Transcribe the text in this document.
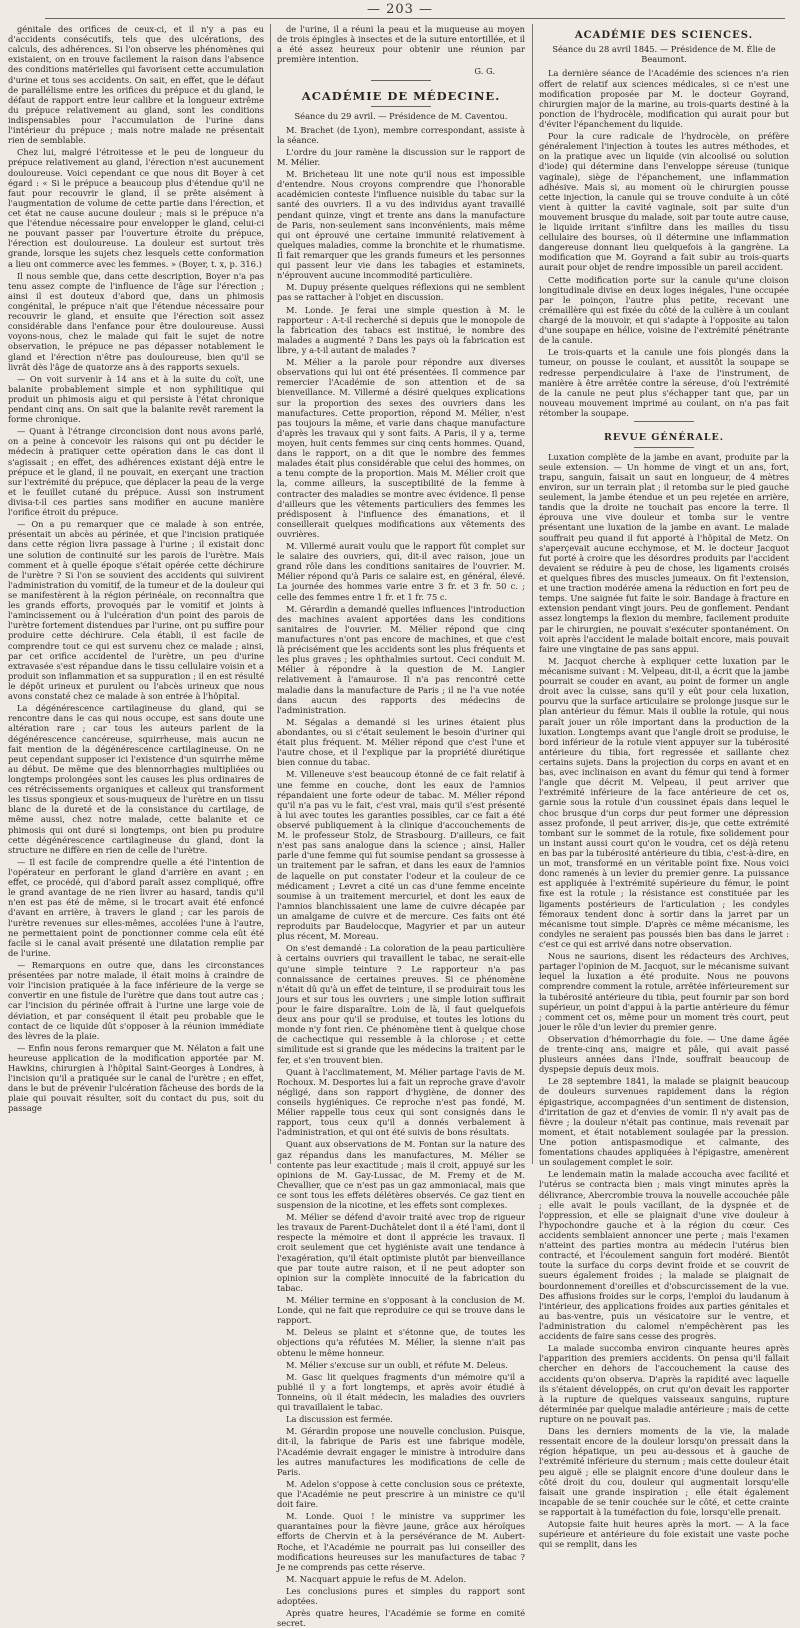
— 203 —

génitale des orifices de ceux-ci, et il n'y a pas eu d'accidents consécutifs, tels que des ulcérations, des calculs, des adhérences. Si l'on observe les phénomènes qui existaient, on en trouve facilement la raison dans l'absence des conditions matérielles qui favorisent cette accumulation d'urine et tous ses accidents. On sait, en effet, que le défaut de parallélisme entre les orifices du prépuce et du gland, le défaut de rapport entre leur calibre et la longueur extrême du prépuce relativement au gland, sont les conditions indispensables pour l'accumulation de l'urine dans l'intérieur du prépuce ; mais notre malade ne présentait rien de semblable.

Chez lui, malgré l'étroitesse et le peu de longueur du prépuce relativement au gland, l'érection n'est aucunement douloureuse. Voici cependant ce que nous dit Boyer à cet égard : « Si le prépuce a beaucoup plus d'étendue qu'il ne faut pour recouvrir le gland, il se prête aisément à l'augmentation de volume de cette partie dans l'érection, et cet état ne cause aucune douleur ; mais si le prépuce n'a que l'étendue nécessaire pour envelopper le gland, celui-ci ne pouvant passer par l'ouverture étroite du prépuce, l'érection est douloureuse. La douleur est surtout très grande, lorsque les sujets chez lesquels cette conformation a lieu ont commerce avec les femmes. » (Boyer, t. x, p. 316.)

Il nous semble que, dans cette description, Boyer n'a pas tenu assez compte de l'influence de l'âge sur l'érection ; ainsi il est douteux d'abord que, dans un phimosis congénital, le prépuce n'ait que l'étendue nécessaire pour recouvrir le gland, et ensuite que l'érection soit assez considérable dans l'enfance pour être douloureuse. Aussi voyons-nous, chez le malade qui fait le sujet de notre observation, le prépuce ne pas dépasser notablement le gland et l'érection n'être pas douloureuse, bien qu'il se livrât dès l'âge de quatorze ans à des rapports sexuels.

— On voit survenir à 14 ans et à la suite du coït, une balanite probablement simple et non syphilitique qui produit un phimosis aigu et qui persiste à l'état chronique pendant cinq ans. On sait que la balanite revêt rarement la forme chronique.

— Quant à l'étrange circoncision dont nous avons parlé, on a peine à concevoir les raisons qui ont pu décider le médecin à pratiquer cette opération dans le cas dont il s'agissait ; en effet, des adhérences existant déjà entre le prépuce et le gland, il ne pouvait, en exerçant une traction sur l'extrémité du prépuce, que déplacer la peau de la verge et le feuillet cutané du prépuce. Aussi son instrument divisa-t-il ces parties sans modifier en aucune manière l'orifice étroit du prépuce.

— On a pu remarquer que ce malade à son entrée, présentait un abcès au périnée, et que l'incision pratiquée dans cette région livra passage à l'urine ; il existait donc une solution de continuité sur les parois de l'urètre. Mais comment et à quelle époque s'était opérée cette déchirure de l'urètre ? Si l'on se souvient des accidents qui suivirent l'administration du vomitif, de la tumeur et de la douleur qui se manifestèrent à la région périnéale, on reconnaîtra que les grands efforts, provoqués par le vomitif et joints à l'amincissement ou à l'ulcération d'un point des parois de l'urètre fortement distendues par l'urine, ont pu suffire pour produire cette déchirure. Cela établi, il est facile de comprendre tout ce qui est survenu chez ce malade ; ainsi, par cet orifice accidentel de l'urètre, un peu d'urine extravasée s'est répandue dans le tissu cellulaire voisin et a produit son inflammation et sa suppuration ; il en est résulté le dépôt urineux et purulent ou l'abcès urineux que nous avons constaté chez ce malade à son entrée à l'hôpital.

La dégénérescence cartilagineuse du gland, qui se rencontre dans le cas qui nous occupe, est sans doute une altération rare ; car tous les auteurs parlent de la dégénérescence cancéreuse, squirrheuse, mais aucun ne fait mention de la dégénérescence cartilagineuse. On ne peut cependant supposer ici l'existence d'un squirrhe même au début. De même que des blennorrhagies multipliées ou longtemps prolongées sont les causes les plus ordinaires de ces rétrécissements organiques et calleux qui transforment les tissus spongieux et sous-muqueux de l'urètre en un tissu blanc de la dureté et de la consistance du cartilage, de même aussi, chez notre malade, cette balanite et ce phimosis qui ont duré si longtemps, ont bien pu produire cette dégénérescence cartilagineuse du gland, dont la structure ne diffère en rien de celle de l'urètre.

— Il est facile de comprendre quelle a été l'intention de l'opérateur en perforant le gland d'arrière en avant ; en effet, ce procédé, qui d'abord paraît assez compliqué, offre le grand avantage de ne rien livrer au hasard, tandis qu'il n'en est pas été de même, si le trocart avait été enfoncé d'avant en arrière, à travers le gland ; car les parois de l'urètre revenues sur elles-mêmes, accolées l'une à l'autre, ne permettaient point de ponctionner comme cela eût été facile si le canal avait présenté une dilatation remplie par de l'urine.

— Remarquons en outre que, dans les circonstances présentées par notre malade, il était moins à craindre de voir l'incision pratiquée à la face inférieure de la verge se convertir en une fistule de l'urètre que dans tout autre cas ; car l'incision du périnée offrait à l'urine une large voie de déviation, et par conséquent il était peu probable que le contact de ce liquide dût s'opposer à la réunion immédiate des lèvres de la plaie.

— Enfin nous ferons remarquer que M. Nélaton a fait une heureuse application de la modification apportée par M. Hawkins, chirurgien à l'hôpital Saint-Georges à Londres, à l'incision qu'il a pratiquée sur le canal de l'urètre ; en effet, dans le but de prévenir l'ulcération fâcheuse des bords de la plaie qui pouvait résulter, soit du contact du pus, soit du passage

de l'urine, il a réuni la peau et la muqueuse au moyen de trois épingles à insectes et de la suture entortillée, et il a été assez heureux pour obtenir une réunion par première intention.

G. G.

ACADÉMIE DE MÉDECINE.

Séance du 29 avril. — Présidence de M. Caventou.

M. Brachet (de Lyon), membre correspondant, assiste à la séance.

L'ordre du jour ramène la discussion sur le rapport de M. Mélier.

M. Bricheteau lit une note qu'il nous est impossible d'entendre. Nous croyons comprendre que l'honorable académicien conteste l'influence nuisible du tabac sur la santé des ouvriers. Il a vu des individus ayant travaillé pendant quinze, vingt et trente ans dans la manufacture de Paris, non-seulement sans inconvénients, mais même qui ont éprouvé une certaine immunité relativement à quelques maladies, comme la bronchite et le rhumatisme. Il fait remarquer que les grands fumeurs et les personnes qui passent leur vie dans les tabagies et estaminets, n'éprouvent aucune incommodité particulière.

M. Dupuy présente quelques réflexions qui ne semblent pas se rattacher à l'objet en discussion.

M. Londe. Je ferai une simple question à M. le rapporteur : A-t-il recherché si depuis que le monopole de la fabrication des tabacs est institué, le nombre des malades a augmenté ? Dans les pays où la fabrication est libre, y a-t-il autant de malades ?

M. Mélier a la parole pour répondre aux diverses observations qui lui ont été présentées. Il commence par remercier l'Académie de son attention et de sa bienveillance. M. Villermé a désiré quelques explications sur la proportion des sexes des ouvriers dans les manufactures. Cette proportion, répond M. Mélier, n'est pas toujours la même, et varie dans chaque manufacture d'après les travaux qui y sont faits. A Paris, il y a, terme moyen, huit cents femmes sur cinq cents hommes. Quand, dans le rapport, on a dit que le nombre des femmes malades était plus considérable que celui des hommes, on a tenu compte de la proportion. Mais M. Mélier croit que la, comme ailleurs, la susceptibilité de la femme à contracter des maladies se montre avec évidence. Il pense d'ailleurs que les vêtements particuliers des femmes les prédisposent à l'influence des émanations, et il conseillerait quelques modifications aux vêtements des ouvrières.

M. Villermé aurait voulu que le rapport fût complet sur le salaire des ouvriers, qui, dit-il avec raison, joue un grand rôle dans les conditions sanitaires de l'ouvrier. M. Mélier répond qu'à Paris ce salaire est, en général, élevé. La journée des hommes varie entre 3 fr. et 3 fr. 50 c. ; celle des femmes entre 1 fr. et 1 fr. 75 c.

M. Gérardin a demandé quelles influences l'introduction des machines avaient apportées dans les conditions sanitaires de l'ouvrier. M. Mélier répond que cinq manufactures n'ont pas encore de machines, et que c'est là précisément que les accidents sont les plus fréquents et les plus graves ; les ophthalmies surtout. Ceci conduit M. Mélier à répondre à la question de M. Langier relativement à l'amaurose. Il n'a pas rencontré cette maladie dans la manufacture de Paris ; il ne l'a vue notée dans aucun des rapports des médecins de l'administration.

M. Ségalas a demandé si les urines étaient plus abondantes, ou si c'était seulement le besoin d'uriner qui était plus fréquent. M. Mélier répond que c'est l'une et l'autre chose, et il l'explique par la propriété diurétique bien connue du tabac.

M. Villeneuve s'est beaucoup étonné de ce fait relatif à une femme en couche, dont les eaux de l'amnios répandaient une forte odeur de tabac. M. Mélier répond qu'il n'a pas vu le fait, c'est vrai, mais qu'il s'est présenté à lui avec toutes les garanties possibles, car ce fait a été observé publiquement à la clinique d'accouchements de M. le professeur Stolz, de Strasbourg. D'ailleurs, ce fait n'est pas sans analogue dans la science ; ainsi, Haller parle d'une femme qui fut soumise pendant sa grossesse à un traitement par le safran, et dans les eaux de l'amnios de laquelle on put constater l'odeur et la couleur de ce médicament ; Levret a cité un cas d'une femme enceinte soumise à un traitement mercuriel, et dont les eaux de l'amnios blanchissaient une lame de cuivre décapée par un amalgame de cuivre et de mercure. Ces faits ont été reproduits par Baudelocque, Magyrier et par un auteur plus récent, M. Moreau.

On s'est demandé : La coloration de la peau particulière à certains ouvriers qui travaillent le tabac, ne serait-elle qu'une simple teinture ? Le rapporteur n'a pas connaissance de certaines preuves. Si ce phénomène n'était dû qu'à un effet de teinture, il se produirait tous les jours et sur tous les ouvriers ; une simple lotion suffirait pour le faire disparaître. Loin de là, il faut quelquefois deux ans pour qu'il se produise, et toutes les lotions du monde n'y font rien. Ce phénomène tient à quelque chose de cachectique qui ressemble à la chlorose ; et cette similitude est si grande que les médecins la traitent par le fer, et s'en trouvent bien.

Quant à l'acclimatement, M. Mélier partage l'avis de M. Rochoux. M. Desportes lui a fait un reproche grave d'avoir négligé, dans son rapport d'hygiène, de donner des conseils hygiéniques. Ce reproche n'est pas fondé, M. Mélier rappelle tous ceux qui sont consignés dans le rapport, tous ceux qu'il a donnés verbalement à l'administration, et qui ont été suivis de bons résultats.

Quant aux observations de M. Fontan sur la nature des gaz répandus dans les manufactures, M. Mélier se contente pas leur exactitude ; mais il croit, appuyé sur les opinions de M. Gay-Lussac, de M. Fremy et de M. Chevallier, que ce n'est pas un gaz ammoniacal, mais que ce sont tous les effets délétères observés. Ce gaz tient en suspension de la nicotine, et les effets sont complexes.

M. Mélier se défend d'avoir traité avec trop de rigueur les travaux de Parent-Duchâtelet dont il a été l'ami, dont il respecte la mémoire et dont il apprécie les travaux. Il croit seulement que cet hygiéniste avait une tendance à l'exagération, qu'il était optimiste plutôt par bienveillance que par toute autre raison, et il ne peut adopter son opinion sur la complète innocuité de la fabrication du tabac.

M. Mélier termine en s'opposant à la conclusion de M. Londe, qui ne fait que reproduire ce qui se trouve dans le rapport.

M. Deleus se plaint et s'étonne que, de toutes les objections qu'a réfutées M. Mélier, la sienne n'ait pas obtenu le même honneur.

M. Mélier s'excuse sur un oubli, et réfute M. Deleus.

M. Gasc lit quelques fragments d'un mémoire qu'il a publié il y a fort longtemps, et après avoir étudié à Tonneins, où il était médecin, les maladies des ouvriers qui travaillaient le tabac.

La discussion est fermée.

M. Gérardin propose une nouvelle conclusion. Puisque, dit-il, la fabrique de Paris est une fabrique modèle, l'Académie devrait engager le ministre à introduire dans les autres manufactures les modifications de celle de Paris.

M. Adelon s'oppose à cette conclusion sous ce prétexte, que l'Académie ne peut prescrire à un ministre ce qu'il doit faire.

M. Londe. Quoi ! le ministre va supprimer les quarantaines pour la fièvre jaune, grâce aux héroïques efforts de Chervin et à la persévérance de M. Aubert-Roche, et l'Académie ne pourrait pas lui conseiller des modifications heureuses sur les manufactures de tabac ? Je ne comprends pas cette réserve.

M. Nacquart appuie le refus de M. Adelon.

Les conclusions pures et simples du rapport sont adoptées.

Après quatre heures, l'Académie se forme en comité secret.

ACADÉMIE DES SCIENCES.

Séance du 28 avril 1845. — Présidence de M. Élie de Beaumont.

La dernière séance de l'Académie des sciences n'a rien offert de relatif aux sciences médicales, si ce n'est une modification proposée par M. le docteur Goyrand, chirurgien major de la marine, au trois-quarts destiné à la ponction de l'hydrocèle, modification qui aurait pour but d'éviter l'épanchement du liquide.

Pour la cure radicale de l'hydrocèle, on préfère généralement l'injection à toutes les autres méthodes, et on la pratique avec un liquide (vin alcoolisé ou solution d'iode) qui détermine dans l'enveloppe séreuse (tunique vaginale), siège de l'épanchement, une inflammation adhésive. Mais si, au moment où le chirurgien pousse cette injection, la canule qui se trouve conduite à un côté vient à quitter la cavité vaginale, soit par suite d'un mouvement brusque du malade, soit par toute autre cause, le liquide irritant s'infiltre dans les mailles du tissu cellulaire des bourses, où il détermine une inflammation dangereuse donnant lieu quelquefois à la gangrène. La modification que M. Goyrand a fait subir au trois-quarts aurait pour objet de rendre impossible un pareil accident.

Cette modification porte sur la canule qu'une cloison longitudinale divise en deux loges inégales, l'une occupée par le poinçon, l'autre plus petite, recevant une crémaillère qui est fixée du côté de la culière à un coulant chargé de la mouvoir, et qui s'adapte à l'opposite au talon d'une soupape en hélice, voisine de l'extrémité pénétrante de la canule.

Le trois-quarts et la canule une fois plongés dans la tumeur, on pousse le coulant, et aussitôt la soupape se redresse perpendiculaire à l'axe de l'instrument, de manière à être arrêtée contre la séreuse, d'où l'extrémité de la canule ne peut plus s'échapper tant que, par un nouveau mouvement imprimé au coulant, on n'a pas fait rétomber la soupape.

REVUE GÉNÉRALE.

Luxation complète de la jambe en avant, produite par la seule extension. — Un homme de vingt et un ans, fort, trapu, sanguin, faisait un saut en longueur, de 4 mètres environ, sur un terrain plat ; il retomba sur le pied gauche seulement, la jambe étendue et un peu rejetée en arrière, tandis que la droite ne touchait pas encore la terre. Il éprouva une vive douleur et tomba sur le ventre présentant une luxation de la jambe en avant. Le malade souffrait peu quand il fut apporté à l'hôpital de Metz. On s'aperçevait aucune ecchymose, et M. le docteur Jacquot fut porté à croire que les désordres produits par l'accident devaient se réduire à peu de chose, les ligaments croisés et quelques fibres des muscles jumeaux. On fit l'extension, et une traction modérée amena la réduction en fort peu de temps. Une saignée fut faite le soir. Bandage à fracture en extension pendant vingt jours. Peu de gonflement. Pendant assez longtemps la flexion du membre, facilement produite par le chirurgien, ne pouvait s'exécuter spontanément. On voit après l'accident le malade boitait encore, mais pouvait faire une vingtaine de pas sans appui.

M. Jacquot cherche à expliquer cette luxation par le mécanisme suivant : M. Velpeau, dit-il, a écrit que la jambe pourrait se couder en avant, au point de former un angle droit avec la cuisse, sans qu'il y eût pour cela luxation, pourvu que la surface articulaire se prolonge jusque sur le plan antérieur du fémur. Mais il oublie la rotule, qui nous paraît jouer un rôle important dans la production de la luxation. Longtemps avant que l'angle droit se produise, le bord inférieur de la rotule vient appuyer sur la tubérosité antérieure du tibia, fort regressée et saillante chez certains sujets. Dans la projection du corps en avant et en bas, avec inclinaison en avant du fémur qui tend à former l'angle que décrit M. Velpeau, il peut arriver que l'extrémité inférieure de la face antérieure de cet os, garnie sous la rotule d'un coussinet épais dans lequel le choc brusque d'un corps dur peut former une dépression assez profonde, il peut arriver, dis-je, que cette extrémité tombant sur le sommet de la rotule, fixe solidement pour un instant aussi court qu'on le voudra, cet os déjà retenu en bas par la tubérosité antérieure du tibia, c'est-à-dire, en un mot, transformé en un véritable point fixe. Nous voici donc ramenés à un levier du premier genre. La puissance est appliquée à l'extrémité supérieure du fémur, le point fixe est la rotule ; la résistance est constituée par les ligaments postérieurs de l'articulation ; les condyles fémoraux tendent donc à sortir dans la jarret par un mécanisme tout simple. D'après ce même mécanisme, les condyles ne seraient pas poussés bien bas dans le jarret : c'est ce qui est arrivé dans notre observation.

Nous ne saurions, disent les rédacteurs des Archives, partager l'opinion de M. Jacquot, sur le mécanisme suivant lequel la luxation a été produite. Nous ne pouvons comprendre comment la rotule, arrêtée inférieurement sur la tubérosité antérieure du tibia, peut fournir par son bord supérieur, un point d'appui à la partie antérieure du fémur ; comment cet os, même pour un moment très court, peut jouer le rôle d'un levier du premier genre.

Observation d'hémorrhagie du foie. — Une dame âgée de trente-cinq ans, maigre et pâle, qui avait passé plusieurs années dans l'Inde, souffrait beaucoup de dyspepsie depuis deux mois.

Le 28 septembre 1841, la malade se plaignit beaucoup de douleurs survenues rapidement dans la région épigastrique, accompagnées d'un sentiment de distension, d'irritation de gaz et d'envies de vomir. Il n'y avait pas de fièvre ; la douleur n'était pas continue, mais revenait par moment, et était notablement soulagée par la pression. Une potion antispasmodique et calmante, des fomentations chaudes appliquées à l'épigastre, amenèrent un soulagement complet le soir.

Le lendemain matin la malade accoucha avec facilité et l'utérus se contracta bien ; mais vingt minutes après la délivrance, Abercrombie trouva la nouvelle accouchée pâle ; elle avait le pouls vacillant, de la dyspnée et de l'oppression, et elle se plaignait d'une vive douleur à l'hypochondre gauche et à la région du cœur. Ces accidents semblaient annoncer une perte ; mais l'examen n'atteint des parties montra au médecin l'utérus bien contracté, et l'écoulement sanguin fort modéré. Bientôt toute la surface du corps devint froide et se couvrit de sueurs également froides ; la malade se plaignait de bourdonnement d'oreilles et d'obscurcissement de la vue. Des affusions froides sur le corps, l'emploi du laudanum à l'intérieur, des applications froides aux parties génitales et au bas-ventre, puis un vésicatoire sur le ventre, et l'administration du calomel n'empêchèrent pas les accidents de faire sans cesse des progrès.

La malade succomba environ cinquante heures après l'apparition des premiers accidents. On pensa qu'il fallait chercher en dehors de l'accouchement la cause des accidents qu'on observa. D'après la rapidité avec laquelle ils s'étaient développés, on crut qu'on devait les rapporter à la rupture de quelques vaisseaux sanguins, rupture déterminée par quelque maladie antérieure ; mais de cette rupture on ne pouvait pas.

Dans les derniers moments de la vie, la malade ressentait encore de la douleur lorsqu'on pressait dans la région hépatique, un peu au-dessous et à gauche de l'extrémité inférieure du sternum ; mais cette douleur était peu aiguë ; elle se plaignit encore d'une douleur dans le côté droit du cou, douleur qui augmentait lorsqu'elle faisait une grande inspiration ; elle était également incapable de se tenir couchée sur le côté, et cette crainte se rapportait à la tuméfaction du foie, lorsqu'elle prenait.

Autopsie faite huit heures après la mort. — A la face supérieure et antérieure du foie existait une vaste poche qui se remplit, dans les
